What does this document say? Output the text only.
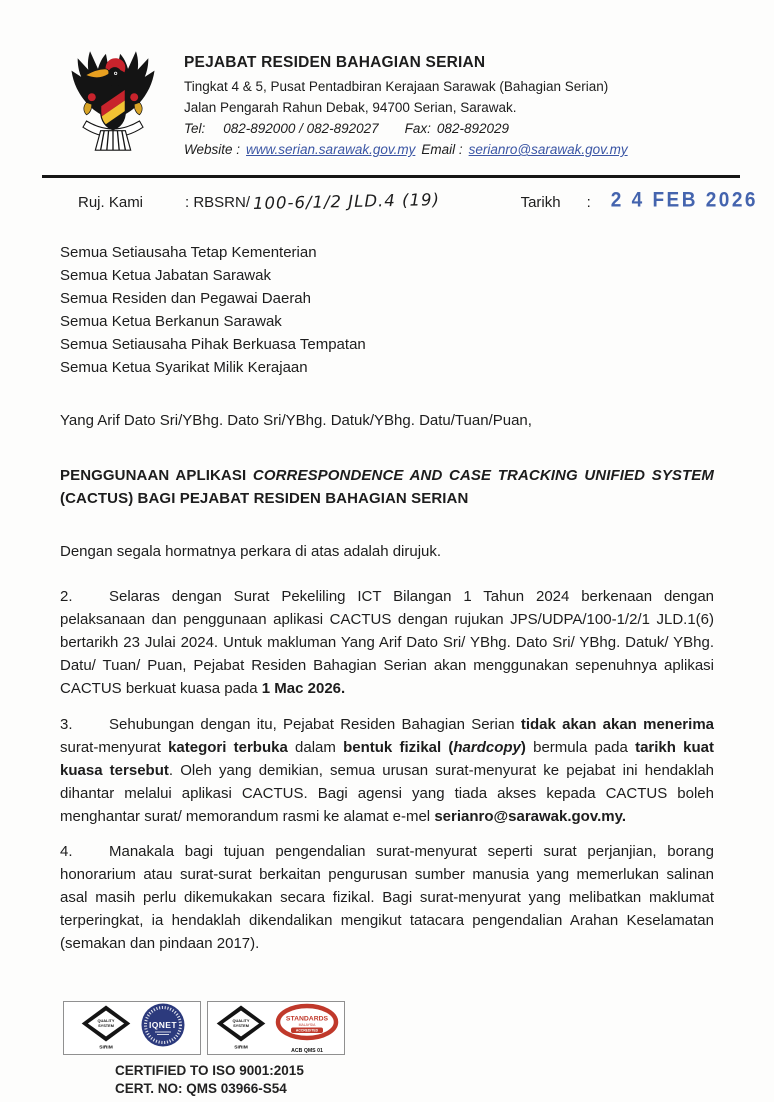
PEJABAT RESIDEN BAHAGIAN SERIAN
Tingkat 4 & 5, Pusat Pentadbiran Kerajaan Sarawak (Bahagian Serian)
Jalan Pengarah Rahun Debak, 94700 Serian, Sarawak.
Tel: 082-892000 / 082-892027 Fax: 082-892029
Website : www.serian.sarawak.gov.my Email : serianro@sarawak.gov.my
Ruj. Kami	: RBSRN/ 100-6/1/2 JLD.4 (19)	Tarikh : 2 4 FEB 2026
Semua Setiausaha Tetap Kementerian
Semua Ketua Jabatan Sarawak
Semua Residen dan Pegawai Daerah
Semua Ketua Berkanun Sarawak
Semua Setiausaha Pihak Berkuasa Tempatan
Semua Ketua Syarikat Milik Kerajaan

Yang Arif Dato Sri/YBhg. Dato Sri/YBhg. Datuk/YBhg. Datu/Tuan/Puan,

PENGGUNAAN APLIKASI CORRESPONDENCE AND CASE TRACKING UNIFIED SYSTEM (CACTUS) BAGI PEJABAT RESIDEN BAHAGIAN SERIAN

Dengan segala hormatnya perkara di atas adalah dirujuk.

2. Selaras dengan Surat Pekeliling ICT Bilangan 1 Tahun 2024 berkenaan dengan pelaksanaan dan penggunaan aplikasi CACTUS dengan rujukan JPS/UDPA/100-1/2/1 JLD.1(6) bertarikh 23 Julai 2024. Untuk makluman Yang Arif Dato Sri/ YBhg. Dato Sri/ YBhg. Datuk/ YBhg. Datu/ Tuan/ Puan, Pejabat Residen Bahagian Serian akan menggunakan sepenuhnya aplikasi CACTUS berkuat kuasa pada 1 Mac 2026.

3. Sehubungan dengan itu, Pejabat Residen Bahagian Serian tidak akan akan menerima surat-menyurat kategori terbuka dalam bentuk fizikal (hardcopy) bermula pada tarikh kuat kuasa tersebut. Oleh yang demikian, semua urusan surat-menyurat ke pejabat ini hendaklah dihantar melalui aplikasi CACTUS. Bagi agensi yang tiada akses kepada CACTUS boleh menghantar surat/ memorandum rasmi ke alamat e-mel serianro@sarawak.gov.my.

4. Manakala bagi tujuan pengendalian surat-menyurat seperti surat perjanjian, borang honorarium atau surat-surat berkaitan pengurusan sumber manusia yang memerlukan salinan asal masih perlu dikemukakan secara fizikal. Bagi surat-menyurat yang melibatkan maklumat terperingkat, ia hendaklah dikendalikan mengikut tatacara pengendalian Arahan Keselamatan (semakan dan pindaan 2017).

QUALITY
SYSTEM
SIRIM
IQNET	QUALITY
SYSTEM
SIRIM
STANDARDS
MALAYSIA
ACCREDITED
ACB QMS 01
CERTIFIED TO ISO 9001:2015
CERT. NO: QMS 03966-S54
